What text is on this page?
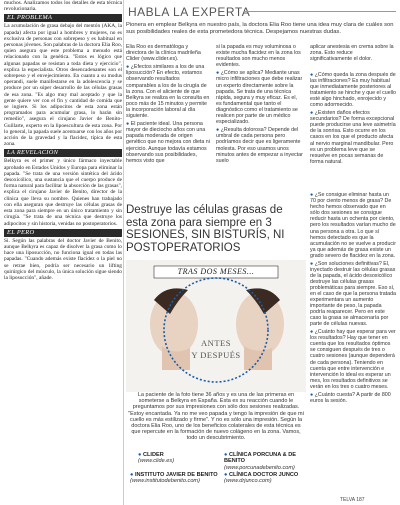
muchos. Analizamos todos los detalles de esta técnica revolucionaria.

EL PROBLEMA

La acumulación de grasa debajo del mentón (AKA, la papada) afecta por igual a hombres y mujeres, no es exclusiva de personas con sobrepeso y es habitual en personas jóvenes. Son palabras de la doctora Elia Roo, quien asegura que este problema a menudo está relacionado con la genética. "Estos es lógico que algunas papadas se resistan a toda dieta y ejercicio", explica la especialista. Otros desencadenantes son el sobrepeso y el envejecimiento. En cuanto a su modus operandi, suele manifestarse en la adolescencia y se produce por un súper desarrollo de las células grasas de esa zona. "Es algo muy mal aceptado y que la gente quiere ver con el fin y cantidad de comida que se ingiere. Si los adipocitos de esta zona están programados para acumular grasa, lo harán sin remedio", asegura el cirujano Javier de Benito-Guillarte, experto en la lipoescultura de esta zona. Por lo general, la papada suele acentuarse con los años por acción de la gravedad y la flacidez, típica de esta zona.

LA REVELACIÓN

Belkyra es el primer y único fármaco inyectable aprobado en Estados Unidos y Europa para eliminar la papada. "Se trata de una versión sintética del ácido desoxicólico, una sustancia que el cuerpo produce de forma natural para facilitar la absorción de las grasas", explica el cirujano Javier de Benito, director de la clínica que lleva su nombre. Quienes han trabajado con ella aseguran que destruye las células grasas de esta zona para siempre en un único tratamiento y sin cirugía. "Se trata de una técnica que destruye los adipocitos y sin historia, venidas no postoperatorios.

EL PERO

Si. Según las palabras del doctor Javier de Benito, aunque Belkyra es capaz de disolver la grasa como lo hace una liposucción, no funciona igual en todas las papadas. "Cuando además existe flacidez o la piel no se retrae bien, podría ser necesario un lifting quirúrgico del músculo, la única solución sigue siendo la liposucción", añade.

HABLA LA EXPERTA
Pionera en emplear Belkyra en nuestro país, la doctora Elia Roo tiene una idea muy clara de cuáles son sus posibilidades reales de esta prometedora técnica. Despejamos nuestras dudas.

Elia Roo es dermatóloga y directora de la clínica madrileña Clider (www.clider.es).

● ¿Efectos similares a los de una liposucción? En efecto, estamos observando resultados comparables a los de la cirugía de la zona. Con el aliciente de que Belkyra se realiza en la consulta en poco más de 15 minutos y permite la incorporación laboral al día siguiente.

● El paciente ideal. Una persona mayor de dieciocho años con una papada moderada de origen genético que no mejora con dieta ni ejercicio. Aunque todavía estamos observando sus posibilidades, hemos visto que

si la papada es muy voluminosa o existe mucha flacidez en la zona los resultados son mucho menos evidentes.

● ¿Cómo se aplica? Mediante unas micro infiltraciones que debe realizar un experto directamente sobre la papada. Se trata de una técnica rápida, segura y muy eficaz. Es el, es fundamental que tanto el diagnóstico como el tratamiento se realicen por parte de un médico especializado.

● ¿Resulta dolorosa? Depende del umbral de cada persona pero podríamos decir que es ligeramente molesta. Por eso usamos unos minutos antes de empezar a inyectar suelo

aplicar anestesia en crema sobre la zona. Esto reduce significativamente el dolor.

Destruye las células grasas de esta zona para siempre en 3 SESIONES, SIN BISTURÍS, NI POSTOPERATORIOS
TRAS DOS MESES...
ANTES
Y DESPUÉS
La paciente de la foto tiene 36 años y es una de las primeras en someterse a Belkyra en España. Esta es su reacción cuando le preguntamos por sus impresiones con sólo dos sesiones realizadas. "Estoy encantada. Ya no me veo papada y tengo la impresión de que mi cuello es más estilizado y firme". Y no es sólo una impresión. Según la doctora Elia Roo, uno de los beneficios colaterales de esta técnica es que repercute en la formación de nuevo colágeno en la zona. Vamos, todo un descubrimiento.
● CLIDER
(www.clide.es)
● CLÍNICA PORCUNA & DE BENITO
(www.porcunadebenito.com)
● INSTITUTO JAVIER DE BENITO
(www.institutodebenito.com)
● CLÍNICA DOCTOR JUNCO
(www.drjunco.com)

● ¿Cómo queda la zona después de las infiltraciones? Es muy habitual que inmediatamente posteriores al tratamiento se hinche y que el cuello esté algo hinchado, enrojecido y como adormecido.

● ¿Existen daños efectos secundarios? De forma excepcional puede producirse una leve asimetría de la sonrisa. Esto ocurre en los casos en los que el producto afecta al nervio marginal mandibular. Pero es un problema leve que se resuelve en pocas semanas de forma natural.

● ¿Se consigue eliminar hasta un 70 por ciento menos de grasa? De hecho hemos observado que en sólo dos sesiones se consigue reducir hasta un ochenta por ciento, pero los resultados varían mucho de una persona a otra. Lo que sí hemos detectado es que la acumulación no se vuelve a producir ya que además de grasa existe un grado severo de flacidez en la zona.

● ¿Son soluciones definitivas? El, inyectado destruir las células grasas de la papada, el ácido desoxicólico destruye las células grasas problemáticas para siempre. Eso sí, en el caso de que la persona tratada experimentara un aumento importante de peso, la papada podría reaparecer. Pero en este caso la grasa se almacenaría por parte de células nuevas.

● ¿Cuánto hay que esperar para ver los resultados? Hay que tener en cuenta que los resultados óptimos se consiguen después de tres o cuatro sesiones (aunque dependerá de cada persona). Teniendo en cuenta que entre intervención e intervención lo ideal es esperar un mes, los resultados definitivos se verán en los tres o cuatro meses.

● ¿Cuánto cuesta? A partir de 800 euros la sesión.

TELVA 187
